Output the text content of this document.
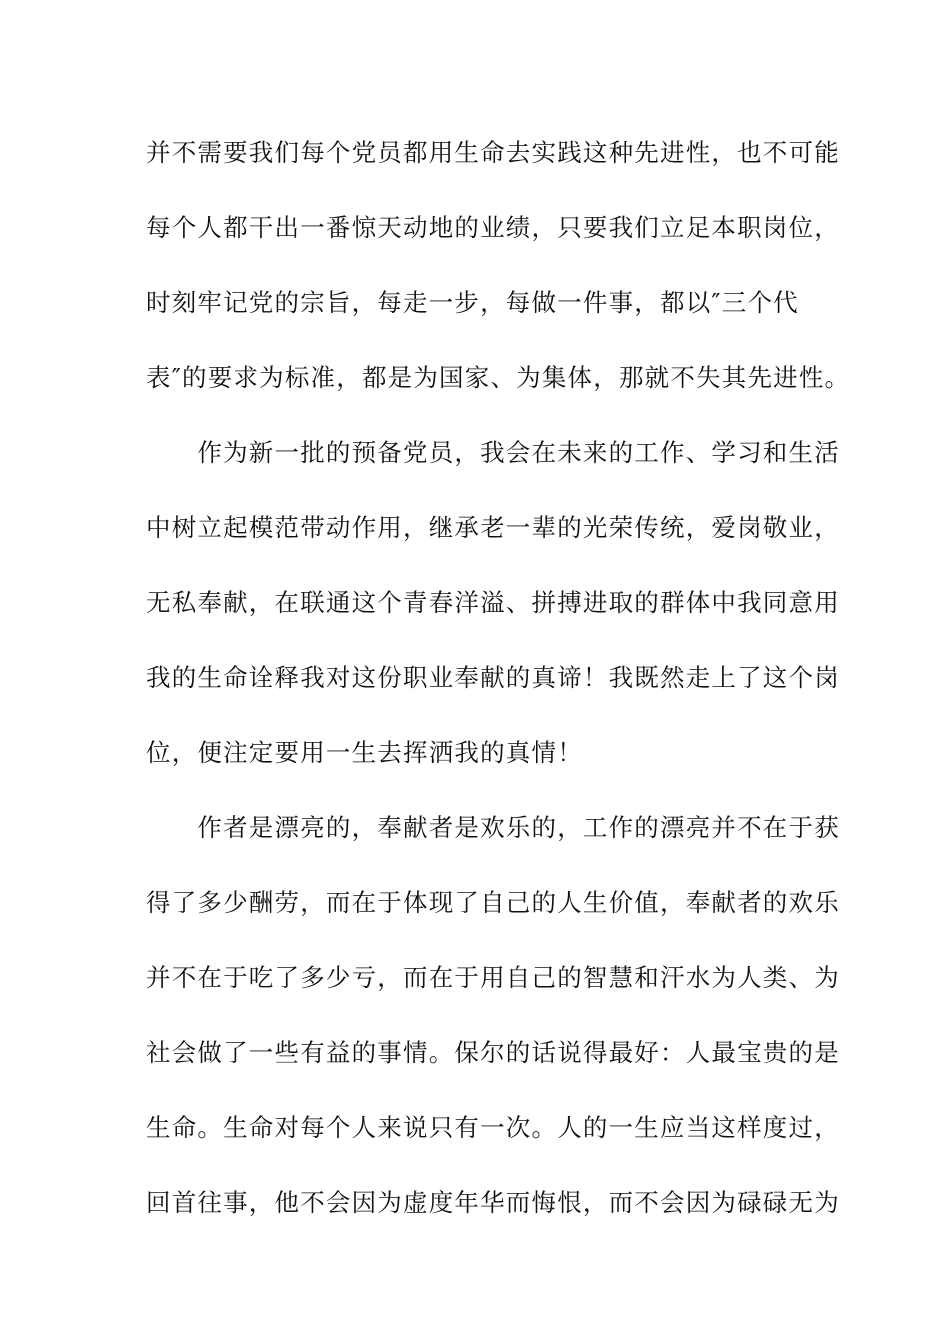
并不需要我们每个党员都用生命去实践这种先进性，也不可能
每个人都干出一番惊天动地的业绩，只要我们立足本职岗位，
时刻牢记党的宗旨，每走一步，每做一件事，都以″三个代
表″的要求为标准，都是为国家、为集体，那就不失其先进性。
　　作为新一批的预备党员，我会在未来的工作、学习和生活
中树立起模范带动作用，继承老一辈的光荣传统，爱岗敬业，
无私奉献，在联通这个青春洋溢、拼搏进取的群体中我同意用
我的生命诠释我对这份职业奉献的真谛！我既然走上了这个岗
位，便注定要用一生去挥洒我的真情！
　　作者是漂亮的，奉献者是欢乐的，工作的漂亮并不在于获
得了多少酬劳，而在于体现了自己的人生价值，奉献者的欢乐
并不在于吃了多少亏，而在于用自己的智慧和汗水为人类、为
社会做了一些有益的事情。保尔的话说得最好：人最宝贵的是
生命。生命对每个人来说只有一次。人的一生应当这样度过，
回首往事，他不会因为虚度年华而悔恨，而不会因为碌碌无为
